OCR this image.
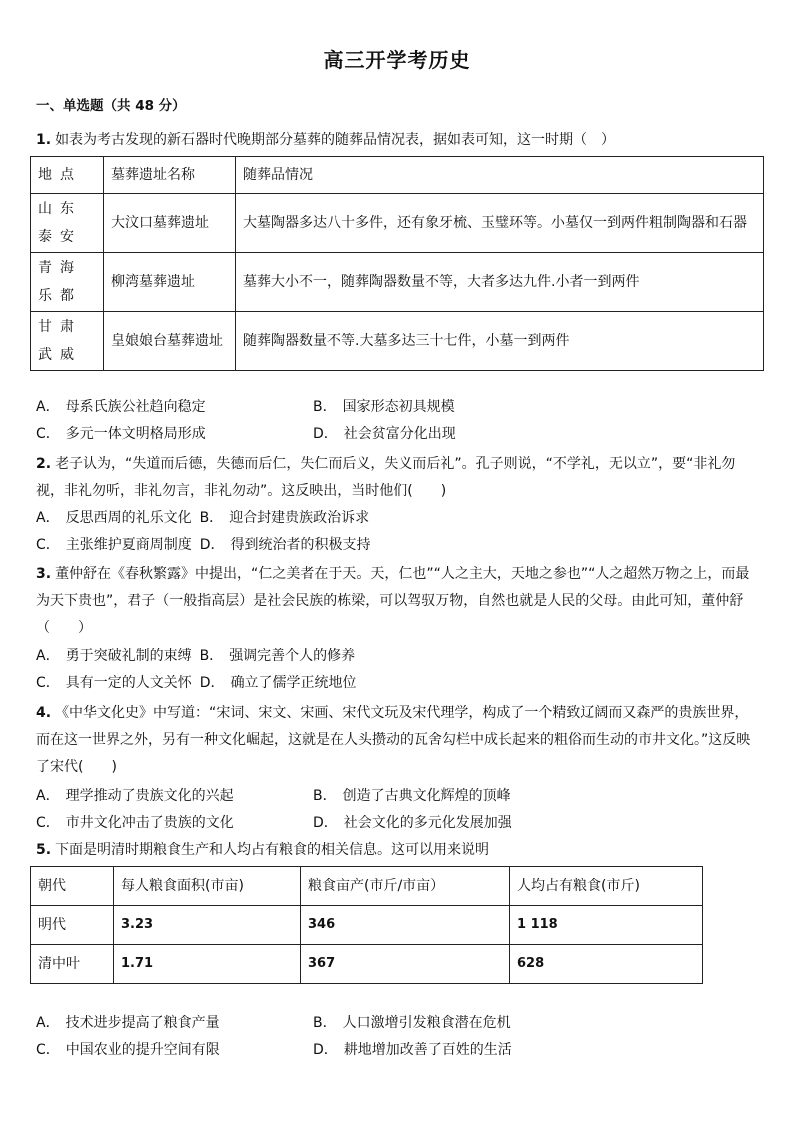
高三开学考历史
一、单选题（共 48 分）
1. 如表为考古发现的新石器时代晚期部分墓葬的随葬品情况表，据如表可知，这一时期（　）
地点	墓葬遗址名称	随葬品情况
山东泰安	大汶口墓葬遗址	大墓陶器多达八十多件，还有象牙梳、玉璧环等。小墓仅一到两件粗制陶器和石器
青海乐都	柳湾墓葬遗址	墓葬大小不一，随葬陶器数量不等，大者多达九件.小者一到两件
甘肃武威	皇娘娘台墓葬遗址	随葬陶器数量不等.大墓多达三十七件，小墓一到两件
A． 母系氏族公社趋向稳定	B． 国家形态初具规模
C． 多元一体文明格局形成	D． 社会贫富分化出现
2. 老子认为，“失道而后德，失德而后仁，失仁而后义，失义而后礼”。孔子则说，“不学礼，无以立”，要“非礼勿视，非礼勿听，非礼勿言，非礼勿动”。这反映出，当时他们(　　)
A． 反思西周的礼乐文化 B． 迎合封建贵族政治诉求
C． 主张维护夏商周制度 D． 得到统治者的积极支持
3. 董仲舒在《春秋繁露》中提出，“仁之美者在于天。天，仁也”“人之主大，天地之参也”“人之超然万物之上，而最为天下贵也”，君子（一般指高层）是社会民族的栋梁，可以驾驭万物，自然也就是人民的父母。由此可知，董仲舒（　　）
A． 勇于突破礼制的束缚 B． 强调完善个人的修养
C． 具有一定的人文关怀 D． 确立了儒学正统地位
4. 《中华文化史》中写道：“宋词、宋文、宋画、宋代文玩及宋代理学，构成了一个精致辽阔而又森严的贵族世界，而在这一世界之外，另有一种文化崛起，这就是在人头攒动的瓦舍勾栏中成长起来的粗俗而生动的市井文化。”这反映了宋代(　　)
A． 理学推动了贵族文化的兴起	B． 创造了古典文化辉煌的顶峰
C． 市井文化冲击了贵族的文化	D． 社会文化的多元化发展加强
5. 下面是明清时期粮食生产和人均占有粮食的相关信息。这可以用来说明
朝代	每人粮食面积(市亩)	粮食亩产(市斤/市亩）	人均占有粮食(市斤)
明代	3.23	346	1 118
清中叶	1.71	367	628
A． 技术进步提高了粮食产量	B． 人口激增引发粮食潜在危机
C． 中国农业的提升空间有限	D． 耕地增加改善了百姓的生活
